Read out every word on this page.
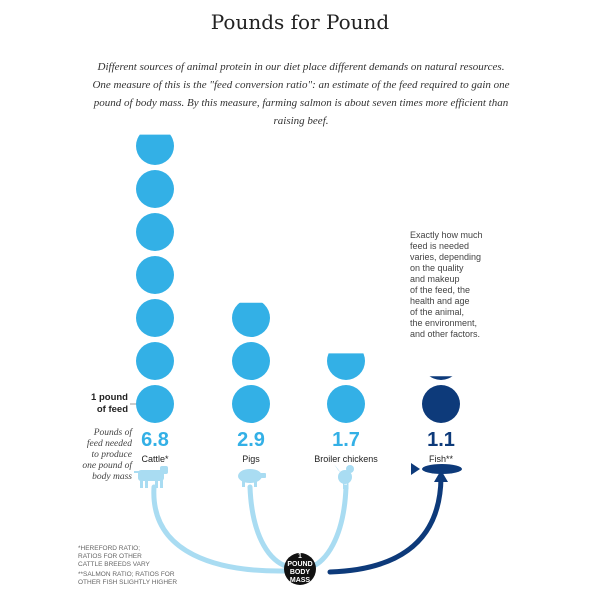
Pounds for Pound
Different sources of animal protein in our diet place different demands on natural resources. One measure of this is the "feed conversion ratio": an estimate of the feed required to gain one pound of body mass. By this measure, farming salmon is about seven times more efficient than raising beef.
Exactly how much
feed is needed
varies, depending
on the quality
and makeup
of the feed, the
health and age
of the animal,
the environment,
and other factors.
1 pound
of feed
Pounds of
feed needed
to produce
one pound of
body mass
*HEREFORD RATIO;
RATIOS FOR OTHER
CATTLE BREEDS VARY
**SALMON RATIO; RATIOS FOR
OTHER FISH SLIGHTLY HIGHER
1
POUND
BODY
MASS
6.8
Cattle*
2.9
Pigs
1.7
Broiler chickens
1.1
Fish**
